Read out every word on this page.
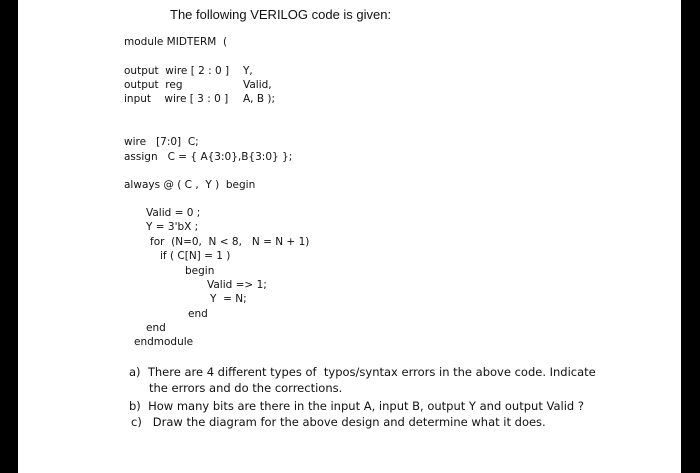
The following VERILOG code is given:
module MIDTERM  (
output  wire [ 2 : 0 ] Y,
output  reg	Valid,
input    wire [ 3 : 0 ] A, B );
wire   [7:0]  C;
assign   C = { A{3:0},B{3:0} };
always @ ( C ,  Y )  begin
Valid = 0 ;
Y = 3'bX ;
for  (N=0,  N < 8,   N = N + 1)
if ( C[N] = 1 )
begin
Valid => 1;
Y  = N;
end
end
endmodule
a)  There are 4 different types of  typos/syntax errors in the above code. Indicate
the errors and do the corrections.
b)  How many bits are there in the input A, input B, output Y and output Valid ?
c)   Draw the diagram for the above design and determine what it does.
